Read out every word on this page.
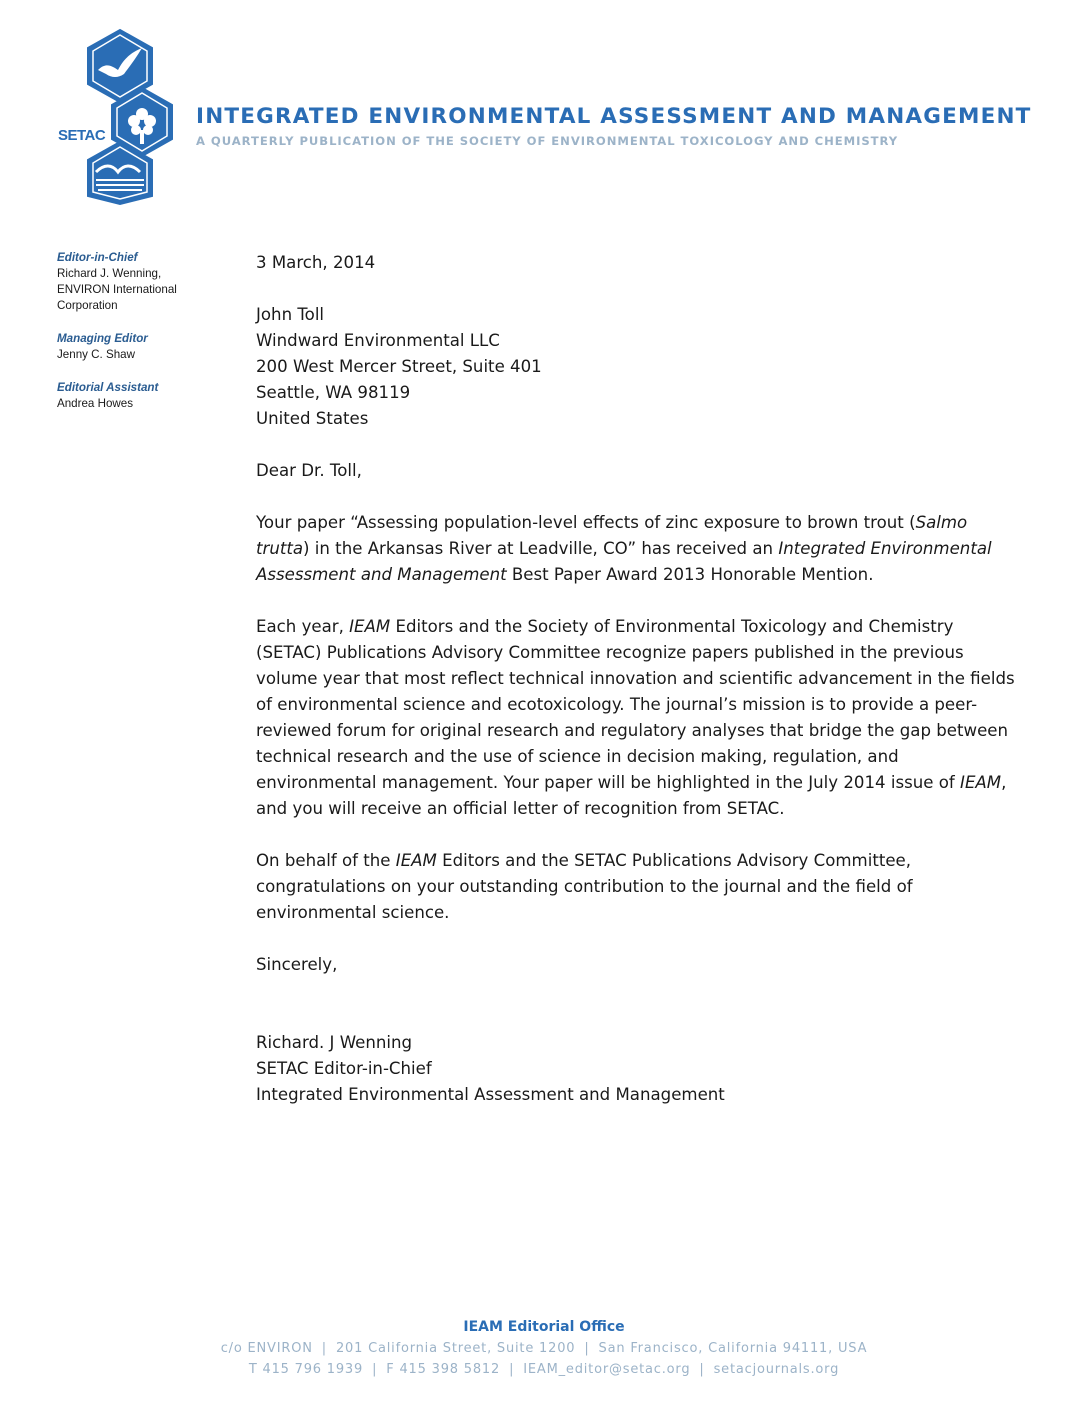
SETAC
INTEGRATED ENVIRONMENTAL ASSESSMENT AND MANAGEMENT
A QUARTERLY PUBLICATION OF THE SOCIETY OF ENVIRONMENTAL TOXICOLOGY AND CHEMISTRY
Editor-in-Chief
Richard J. Wenning,
ENVIRON International
Corporation
Managing Editor
Jenny C. Shaw
Editorial Assistant
Andrea Howes

3 March, 2014

John Toll

Windward Environmental LLC

200 West Mercer Street, Suite 401

Seattle, WA 98119

United States

Dear Dr. Toll,

Your paper “Assessing population-level effects of zinc exposure to brown trout (Salmo trutta) in the Arkansas River at Leadville, CO” has received an Integrated Environmental Assessment and Management Best Paper Award 2013 Honorable Mention.

Each year, IEAM Editors and the Society of Environmental Toxicology and Chemistry (SETAC) Publications Advisory Committee recognize papers published in the previous volume year that most reflect technical innovation and scientific advancement in the fields of environmental science and ecotoxicology. The journal’s mission is to provide a peer-reviewed forum for original research and regulatory analyses that bridge the gap between technical research and the use of science in decision making, regulation, and environmental management. Your paper will be highlighted in the July 2014 issue of IEAM, and you will receive an official letter of recognition from SETAC.

On behalf of the IEAM Editors and the SETAC Publications Advisory Committee, congratulations on your outstanding contribution to the journal and the field of environmental science.

Sincerely,

Richard. J Wenning

SETAC Editor-in-Chief

Integrated Environmental Assessment and Management

IEAM Editorial Office
c/o ENVIRON | 201 California Street, Suite 1200 | San Francisco, California 94111, USA
T 415 796 1939 | F 415 398 5812 | IEAM_editor@setac.org | setacjournals.org
